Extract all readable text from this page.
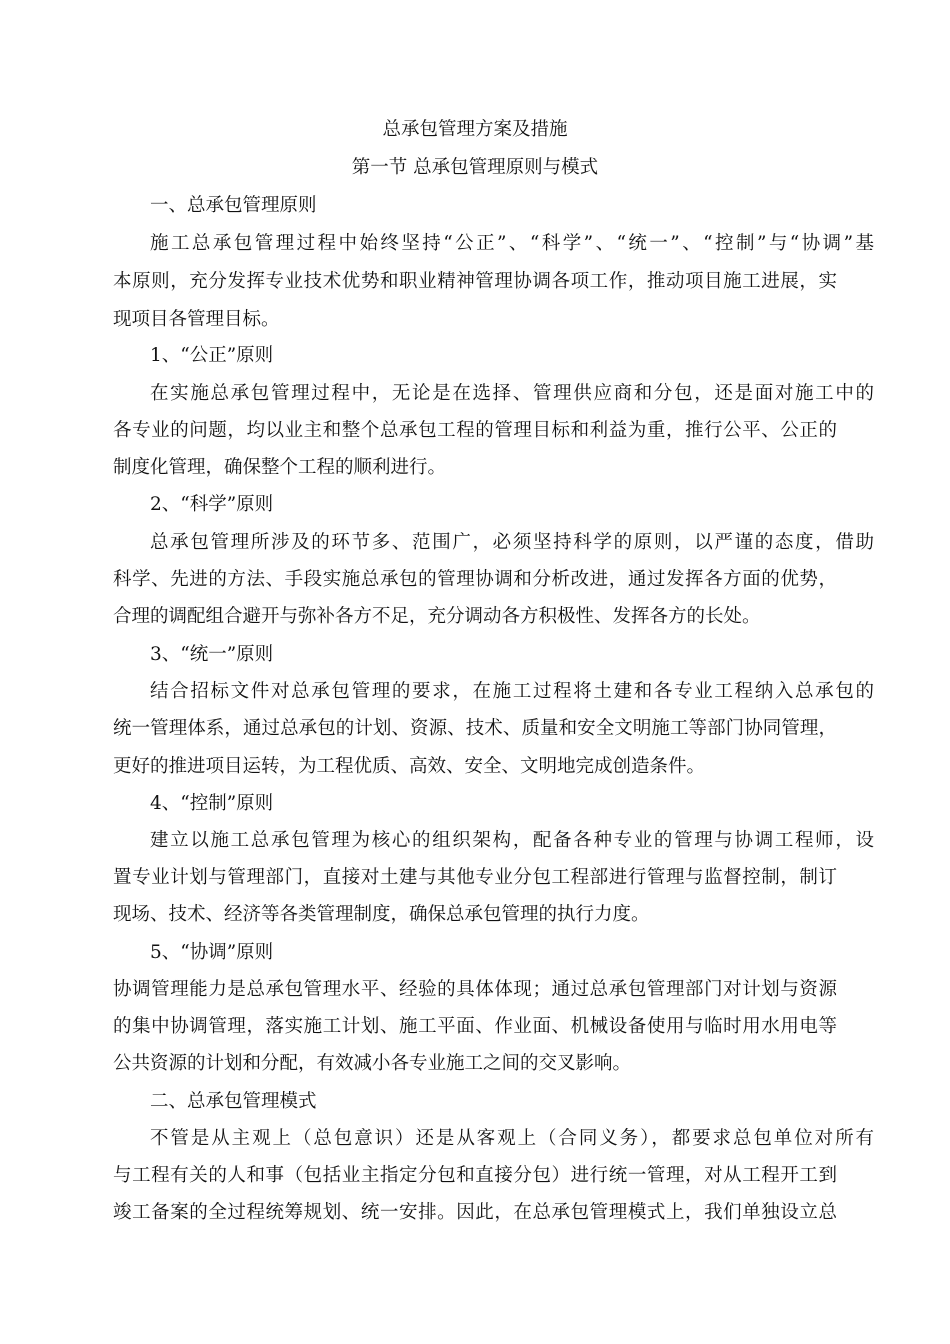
总承包管理方案及措施
第一节 总承包管理原则与模式
一、总承包管理原则
施工总承包管理过程中始终坚持“公正”、“科学”、“统一”、“控制”与“协调”基
本原则，充分发挥专业技术优势和职业精神管理协调各项工作，推动项目施工进展，实
现项目各管理目标。
1、“公正”原则
在实施总承包管理过程中，无论是在选择、管理供应商和分包，还是面对施工中的
各专业的问题，均以业主和整个总承包工程的管理目标和利益为重，推行公平、公正的
制度化管理，确保整个工程的顺利进行。
2、“科学”原则
总承包管理所涉及的环节多、范围广，必须坚持科学的原则，以严谨的态度，借助
科学、先进的方法、手段实施总承包的管理协调和分析改进，通过发挥各方面的优势，
合理的调配组合避开与弥补各方不足，充分调动各方积极性、发挥各方的长处。
3、“统一”原则
结合招标文件对总承包管理的要求，在施工过程将土建和各专业工程纳入总承包的
统一管理体系，通过总承包的计划、资源、技术、质量和安全文明施工等部门协同管理，
更好的推进项目运转，为工程优质、高效、安全、文明地完成创造条件。
4、“控制”原则
建立以施工总承包管理为核心的组织架构，配备各种专业的管理与协调工程师，设
置专业计划与管理部门，直接对土建与其他专业分包工程部进行管理与监督控制，制订
现场、技术、经济等各类管理制度，确保总承包管理的执行力度。
5、“协调”原则
协调管理能力是总承包管理水平、经验的具体体现；通过总承包管理部门对计划与资源
的集中协调管理，落实施工计划、施工平面、作业面、机械设备使用与临时用水用电等
公共资源的计划和分配，有效减小各专业施工之间的交叉影响。
二、总承包管理模式
不管是从主观上（总包意识）还是从客观上（合同义务），都要求总包单位对所有
与工程有关的人和事（包括业主指定分包和直接分包）进行统一管理，对从工程开工到
竣工备案的全过程统筹规划、统一安排。因此，在总承包管理模式上，我们单独设立总
